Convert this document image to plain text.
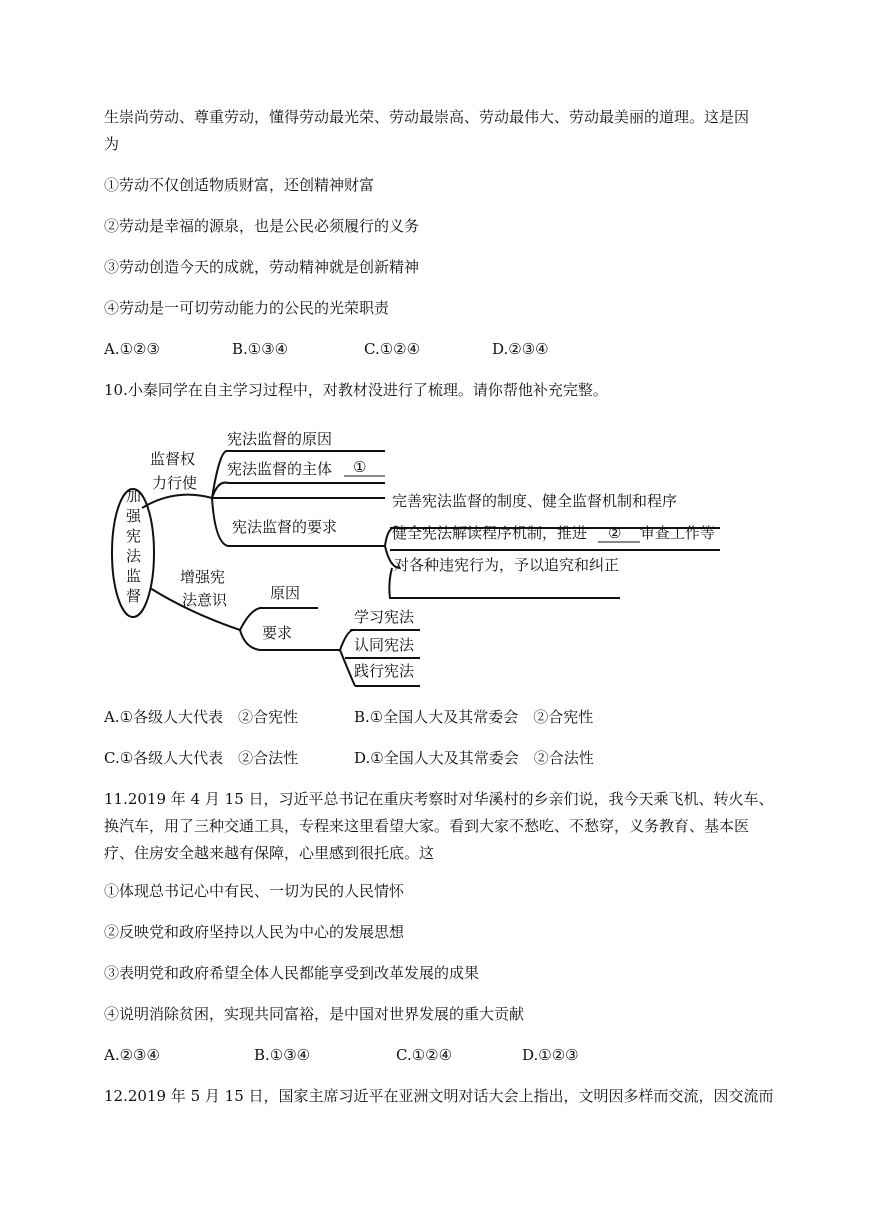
生崇尚劳动、尊重劳动，懂得劳动最光荣、劳动最崇高、劳动最伟大、劳动最美丽的道理。这是因
为
①劳动不仅创适物质财富，还创精神财富
②劳动是幸福的源泉，也是公民必须履行的义务
③劳动创造今天的成就，劳动精神就是创新精神
④劳动是一可切劳动能力的公民的光荣职责
A.①②③	B.①③④	C.①②④	D.②③④
10.小秦同学在自主学习过程中，对教材没进行了梳理。请你帮他补充完整。
加
强
宪
法
监
督
监督权
力行使
宪法监督的原因
宪法监督的主体 ①
宪法监督的要求
完善宪法监督的制度、健全监督机制和程序
健全宪法解读程序机制，推进 ② 审查工作等
对各种违宪行为，予以追究和纠正
增强宪
法意识	原因
要求
学习宪法
认同宪法
践行宪法
A.①各级人大代表　②合宪性	B.①全国人大及其常委会　②合宪性
C.①各级人大代表　②合法性	D.①全国人大及其常委会　②合法性
11.2019 年 4 月 15 日，习近平总书记在重庆考察时对华溪村的乡亲们说，我今天乘飞机、转火车、
换汽车，用了三种交通工具，专程来这里看望大家。看到大家不愁吃、不愁穿，义务教育、基本医
疗、住房安全越来越有保障，心里感到很托底。这
①体现总书记心中有民、一切为民的人民情怀
②反映党和政府坚持以人民为中心的发展思想
③表明党和政府希望全体人民都能享受到改革发展的成果
④说明消除贫困，实现共同富裕，是中国对世界发展的重大贡献
A.②③④	B.①③④	C.①②④	D.①②③
12.2019 年 5 月 15 日，国家主席习近平在亚洲文明对话大会上指出，文明因多样而交流，因交流而
